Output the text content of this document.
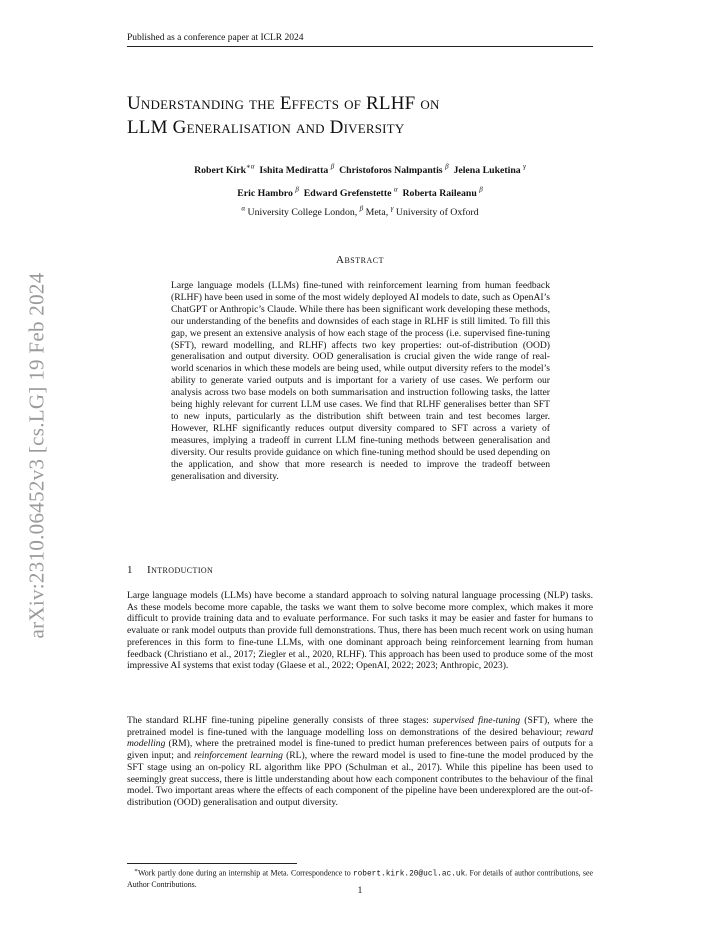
Published as a conference paper at ICLR 2024
arXiv:2310.06452v3 [cs.LG] 19 Feb 2024
Understanding the Effects of RLHF on
LLM Generalisation and Diversity
Robert Kirk$^{∗\alpha}$ Ishita Mediratta $^\beta$ Christoforos Nalmpantis $^\beta$ Jelena Luketina $^\gamma$
Eric Hambro $^\beta$ Edward Grefenstette $^\alpha$ Roberta Raileanu $^\beta$
$^\alpha$ University College London, $^\beta$ Meta, $^\gamma$ University of Oxford
Abstract
Large language models (LLMs) fine-tuned with reinforcement learning from human feedback (RLHF) have been used in some of the most widely deployed AI models to date, such as OpenAI’s ChatGPT or Anthropic’s Claude. While there has been significant work developing these methods, our understanding of the benefits and downsides of each stage in RLHF is still limited. To fill this gap, we present an extensive analysis of how each stage of the process (i.e. supervised fine-tuning (SFT), reward modelling, and RLHF) affects two key properties: out-of-distribution (OOD) generalisation and output diversity. OOD generalisation is crucial given the wide range of real-world scenarios in which these models are being used, while output diversity refers to the model’s ability to generate varied outputs and is important for a variety of use cases. We perform our analysis across two base models on both summarisation and instruction following tasks, the latter being highly relevant for current LLM use cases. We find that RLHF generalises better than SFT to new inputs, particularly as the distribution shift between train and test becomes larger. However, RLHF significantly reduces output diversity compared to SFT across a variety of measures, implying a tradeoff in current LLM fine-tuning methods between generalisation and diversity. Our results provide guidance on which fine-tuning method should be used depending on the application, and show that more research is needed to improve the tradeoff between generalisation and diversity.
1 Introduction
Large language models (LLMs) have become a standard approach to solving natural language processing (NLP) tasks. As these models become more capable, the tasks we want them to solve become more complex, which makes it more difficult to provide training data and to evaluate performance. For such tasks it may be easier and faster for humans to evaluate or rank model outputs than provide full demonstrations. Thus, there has been much recent work on using human preferences in this form to fine-tune LLMs, with one dominant approach being reinforcement learning from human feedback (Christiano et al., 2017; Ziegler et al., 2020, RLHF). This approach has been used to produce some of the most impressive AI systems that exist today (Glaese et al., 2022; OpenAI, 2022; 2023; Anthropic, 2023).
The standard RLHF fine-tuning pipeline generally consists of three stages: supervised fine-tuning (SFT), where the pretrained model is fine-tuned with the language modelling loss on demonstrations of the desired behaviour; reward modelling (RM), where the pretrained model is fine-tuned to predict human preferences between pairs of outputs for a given input; and reinforcement learning (RL), where the reward model is used to fine-tune the model produced by the SFT stage using an on-policy RL algorithm like PPO (Schulman et al., 2017). While this pipeline has been used to seemingly great success, there is little understanding about how each component contributes to the behaviour of the final model. Two important areas where the effects of each component of the pipeline have been underexplored are the out-of-distribution (OOD) generalisation and output diversity.
∗Work partly done during an internship at Meta. Correspondence to robert.kirk.20@ucl.ac.uk. For details of author contributions, see Author Contributions.
1
